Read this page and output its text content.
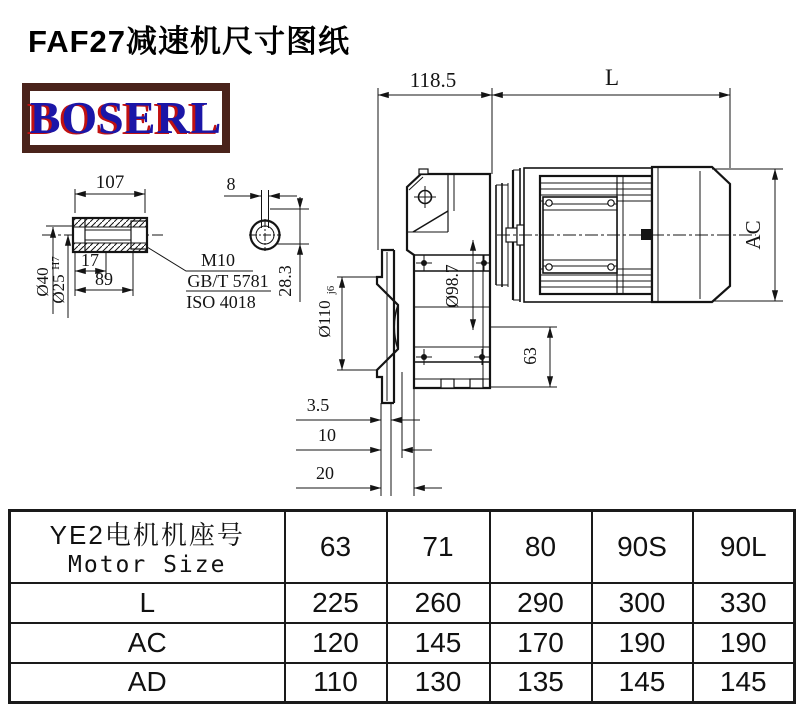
FAF27减速机尺寸图纸
BOSERL
107
17
89
Ø40
Ø25
H7	M10
GB/T 5781
ISO 4018
8
28.3
118.5	L
Ø98.7
Ø110
j6
63
AC
3.5
10
20
YE2电机机座号
Motor Size	63	71	80	90S	90L
L	225	260	290	300	330
AC	120	145	170	190	190
AD	110	130	135	145	145
